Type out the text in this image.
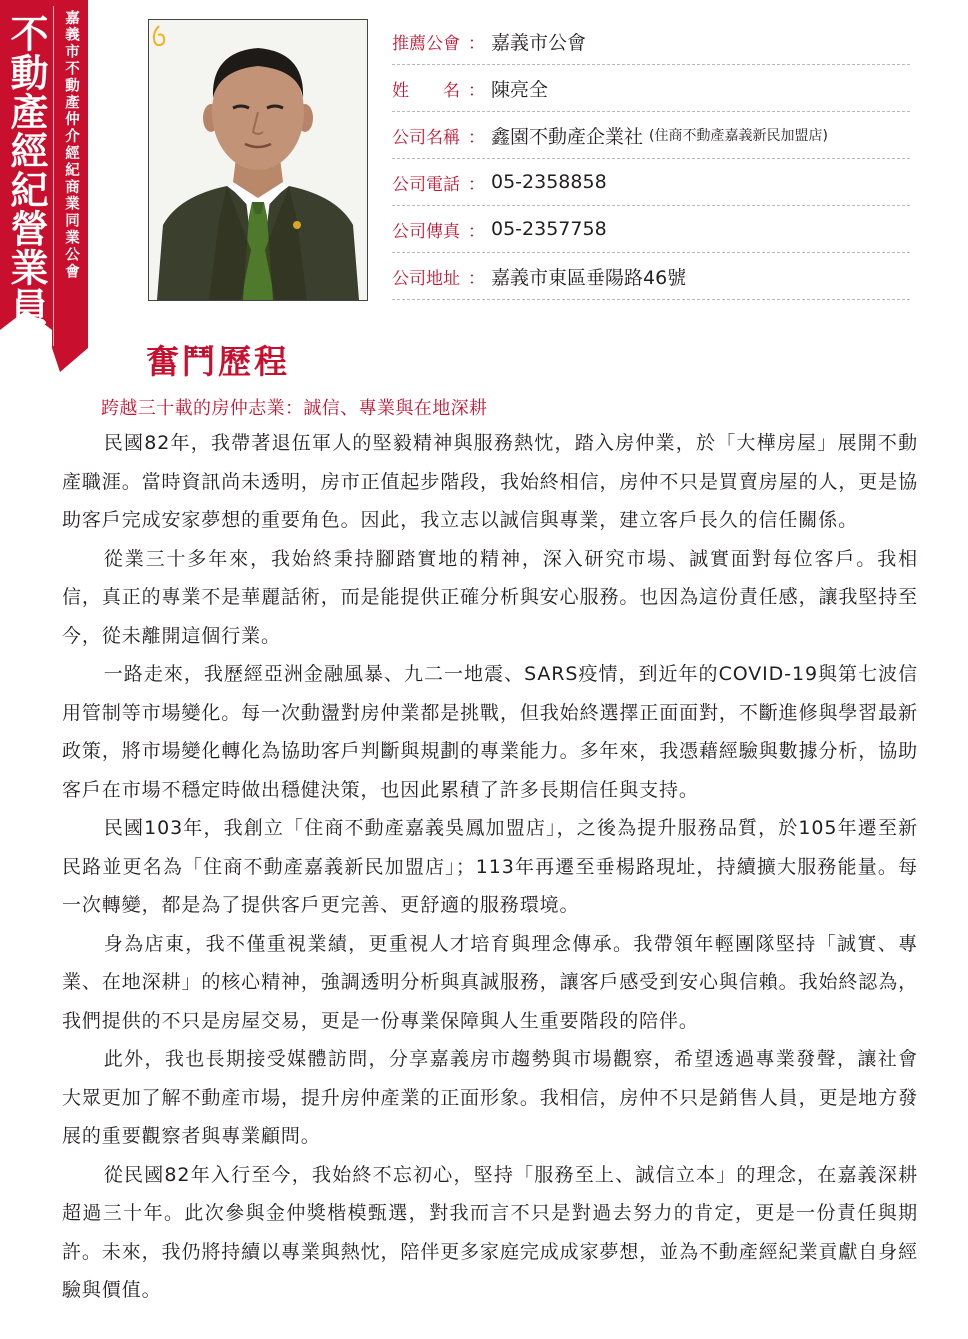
不動產經紀營業員獎	嘉義市不動產仲介經紀商業同業公會	推薦公會 ： 嘉義市公會
姓　　名 ： 陳亮全
公司名稱 ： 鑫園不動產企業社 (住商不動產嘉義新民加盟店)
公司電話 ： 05-2358858
公司傳真 ： 05-2357758
公司地址 ： 嘉義市東區垂陽路46號
奮鬥歷程
跨越三十載的房仲志業：誠信、專業與在地深耕

民國82年，我帶著退伍軍人的堅毅精神與服務熱忱，踏入房仲業，於「大樺房屋」展開不動產職涯。當時資訊尚未透明，房市正值起步階段，我始終相信，房仲不只是買賣房屋的人，更是協助客戶完成安家夢想的重要角色。因此，我立志以誠信與專業，建立客戶長久的信任關係。

從業三十多年來，我始終秉持腳踏實地的精神，深入研究市場、誠實面對每位客戶。我相信，真正的專業不是華麗話術，而是能提供正確分析與安心服務。也因為這份責任感，讓我堅持至今，從未離開這個行業。

一路走來，我歷經亞洲金融風暴、九二一地震、SARS疫情，到近年的COVID-19與第七波信用管制等市場變化。每一次動盪對房仲業都是挑戰，但我始終選擇正面面對，不斷進修與學習最新政策，將市場變化轉化為協助客戶判斷與規劃的專業能力。多年來，我憑藉經驗與數據分析，協助客戶在市場不穩定時做出穩健決策，也因此累積了許多長期信任與支持。

民國103年，我創立「住商不動產嘉義吳鳳加盟店」，之後為提升服務品質，於105年遷至新民路並更名為「住商不動產嘉義新民加盟店」；113年再遷至垂楊路現址，持續擴大服務能量。每一次轉變，都是為了提供客戶更完善、更舒適的服務環境。

身為店東，我不僅重視業績，更重視人才培育與理念傳承。我帶領年輕團隊堅持「誠實、專業、在地深耕」的核心精神，強調透明分析與真誠服務，讓客戶感受到安心與信賴。我始終認為，我們提供的不只是房屋交易，更是一份專業保障與人生重要階段的陪伴。

此外，我也長期接受媒體訪問，分享嘉義房市趨勢與市場觀察，希望透過專業發聲，讓社會大眾更加了解不動產市場，提升房仲產業的正面形象。我相信，房仲不只是銷售人員，更是地方發展的重要觀察者與專業顧問。

從民國82年入行至今，我始終不忘初心，堅持「服務至上、誠信立本」的理念，在嘉義深耕超過三十年。此次參與金仲獎楷模甄選，對我而言不只是對過去努力的肯定，更是一份責任與期許。未來，我仍將持續以專業與熱忱，陪伴更多家庭完成成家夢想，並為不動產經紀業貢獻自身經驗與價值。
